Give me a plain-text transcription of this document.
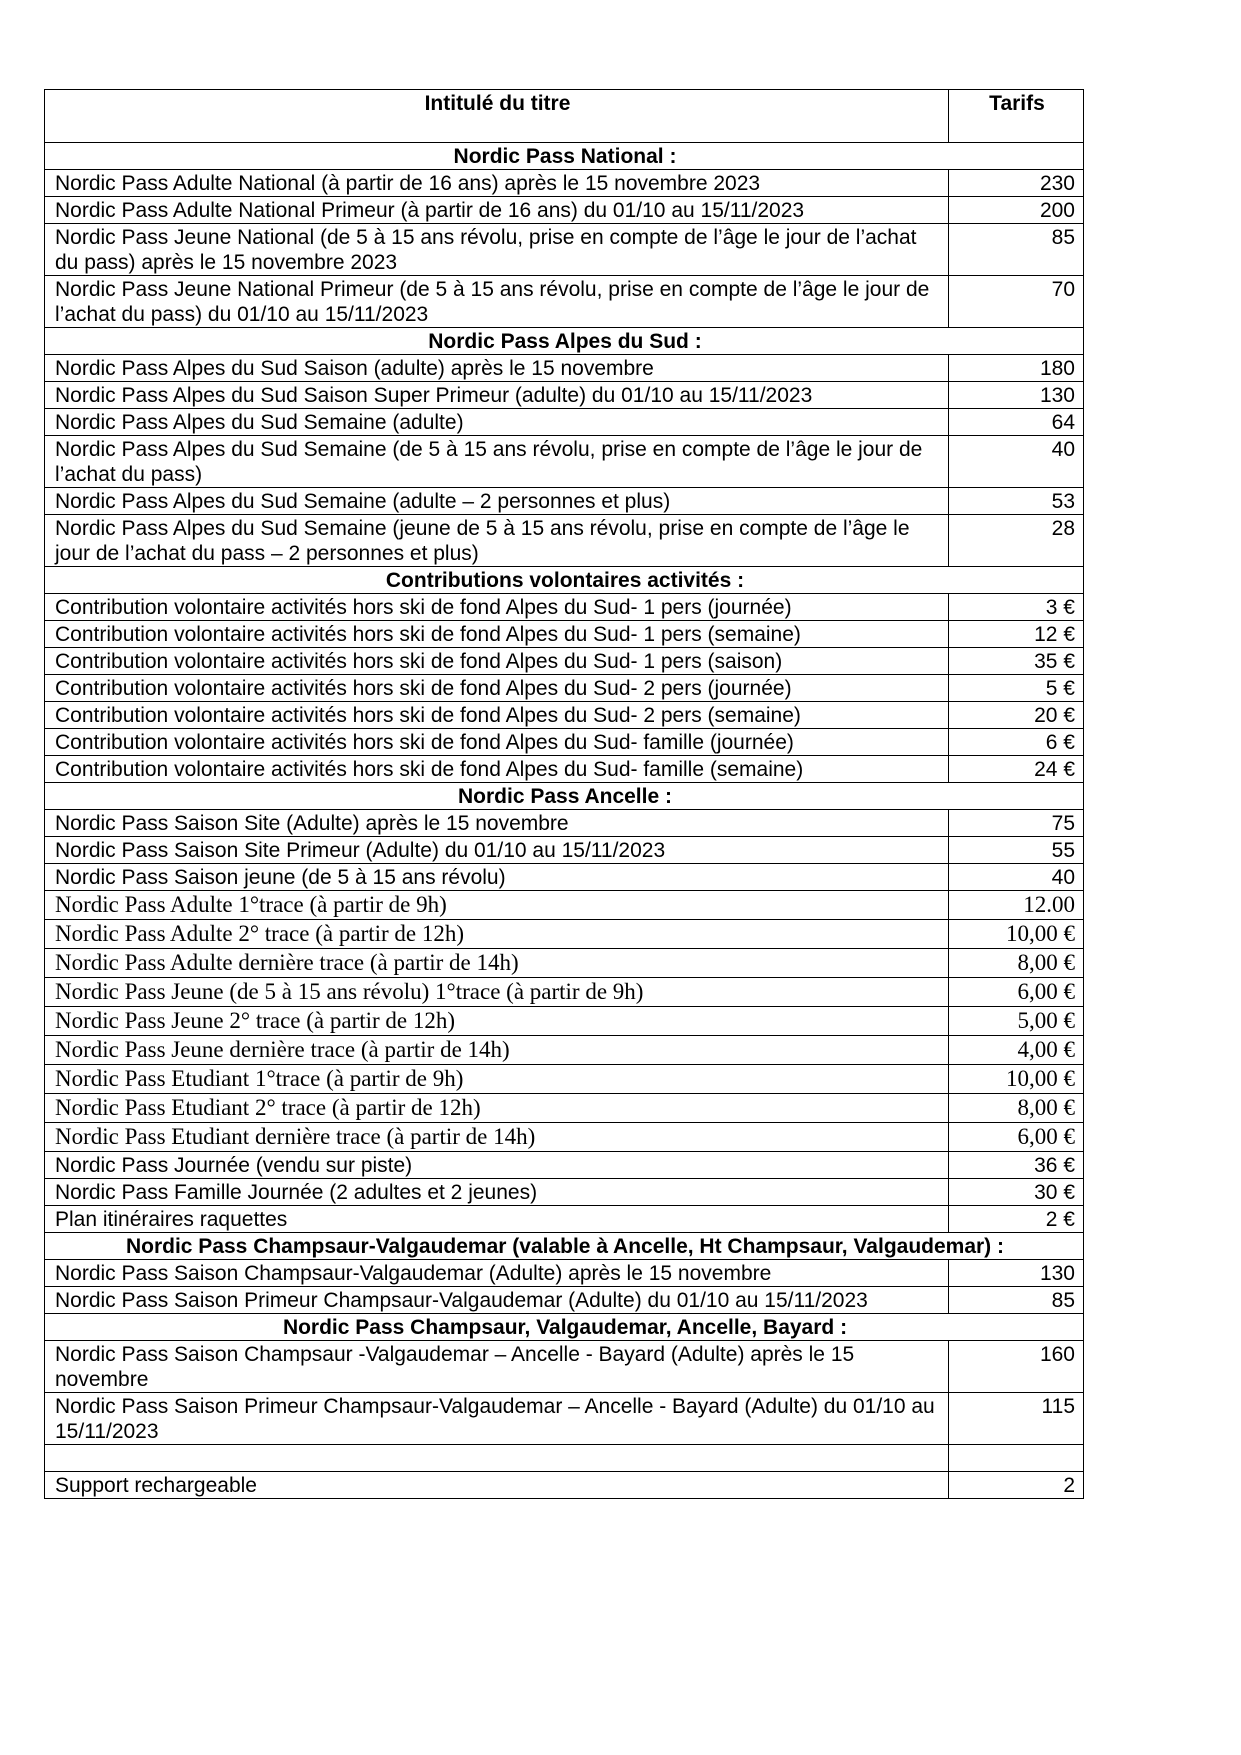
Intitulé du titre	Tarifs
Nordic Pass National :	
Nordic Pass Adulte National (à partir de 16 ans) après le 15 novembre 2023	230
Nordic Pass Adulte National Primeur (à partir de 16 ans) du 01/10 au 15/11/2023	200
Nordic Pass Jeune National (de 5 à 15 ans révolu, prise en compte de l’âge le jour de l’achat du pass) après le 15 novembre 2023	85
Nordic Pass Jeune National Primeur (de 5 à 15 ans révolu, prise en compte de l’âge le jour de l’achat du pass) du 01/10 au 15/11/2023	70
Nordic Pass Alpes du Sud :	
Nordic Pass Alpes du Sud Saison (adulte) après le 15 novembre	180
Nordic Pass Alpes du Sud Saison Super Primeur (adulte) du 01/10 au 15/11/2023	130
Nordic Pass Alpes du Sud Semaine (adulte)	64
Nordic Pass Alpes du Sud Semaine (de 5 à 15 ans révolu, prise en compte de l’âge le jour de l’achat du pass)	40
Nordic Pass Alpes du Sud Semaine (adulte – 2 personnes et plus)	53
Nordic Pass Alpes du Sud Semaine (jeune de 5 à 15 ans révolu, prise en compte de l’âge le jour de l’achat du pass – 2 personnes et plus)	28
Contributions volontaires activités :	
Contribution volontaire activités hors ski de fond Alpes du Sud- 1 pers (journée)	3 €
Contribution volontaire activités hors ski de fond Alpes du Sud- 1 pers (semaine)	12 €
Contribution volontaire activités hors ski de fond Alpes du Sud- 1 pers (saison)	35 €
Contribution volontaire activités hors ski de fond Alpes du Sud- 2 pers (journée)	5 €
Contribution volontaire activités hors ski de fond Alpes du Sud- 2 pers (semaine)	20 €
Contribution volontaire activités hors ski de fond Alpes du Sud- famille (journée)	6 €
Contribution volontaire activités hors ski de fond Alpes du Sud- famille (semaine)	24 €
Nordic Pass Ancelle :	
Nordic Pass Saison Site (Adulte) après le 15 novembre	75
Nordic Pass Saison Site Primeur (Adulte) du 01/10 au 15/11/2023	55
Nordic Pass Saison jeune (de 5 à 15 ans révolu)	40
Nordic Pass Adulte 1°trace (à partir de 9h)	12.00
Nordic Pass Adulte 2° trace (à partir de 12h)	10,00 €
Nordic Pass Adulte dernière trace (à partir de 14h)	8,00 €
Nordic Pass Jeune (de 5 à 15 ans révolu) 1°trace (à partir de 9h)	6,00 €
Nordic Pass Jeune 2° trace (à partir de 12h)	5,00 €
Nordic Pass Jeune dernière trace (à partir de 14h)	4,00 €
Nordic Pass Etudiant 1°trace (à partir de 9h)	10,00 €
Nordic Pass Etudiant 2° trace (à partir de 12h)	8,00 €
Nordic Pass Etudiant dernière trace (à partir de 14h)	6,00 €
Nordic Pass Journée (vendu sur piste)	36 €
Nordic Pass Famille Journée (2 adultes et 2 jeunes)	30 €
Plan itinéraires raquettes	2 €
Nordic Pass Champsaur-Valgaudemar (valable à Ancelle, Ht Champsaur, Valgaudemar) :	
Nordic Pass Saison Champsaur-Valgaudemar (Adulte) après le 15 novembre	130
Nordic Pass Saison Primeur Champsaur-Valgaudemar (Adulte) du 01/10 au 15/11/2023	85
Nordic Pass Champsaur, Valgaudemar, Ancelle, Bayard :	
Nordic Pass Saison Champsaur -Valgaudemar – Ancelle - Bayard (Adulte) après le 15 novembre	160
Nordic Pass Saison Primeur Champsaur-Valgaudemar – Ancelle - Bayard (Adulte) du 01/10 au 15/11/2023	115

Support rechargeable	2
